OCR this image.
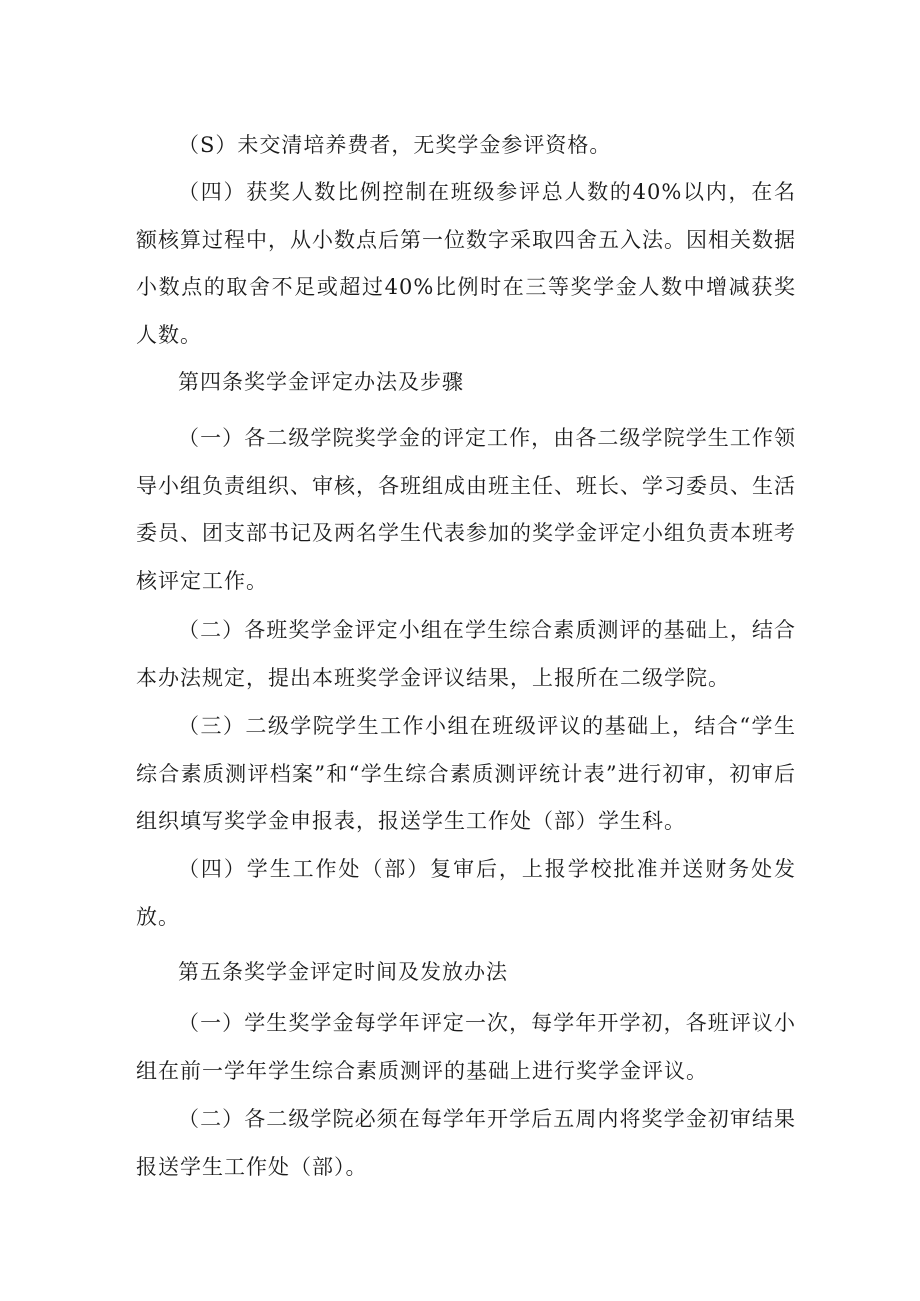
（S）未交清培养费者，无奖学金参评资格。

（四）获奖人数比例控制在班级参评总人数的40%以内，在名额核算过程中，从小数点后第一位数字采取四舍五入法。因相关数据小数点的取舍不足或超过40%比例时在三等奖学金人数中增减获奖人数。

第四条奖学金评定办法及步骤

（一）各二级学院奖学金的评定工作，由各二级学院学生工作领导小组负责组织、审核，各班组成由班主任、班长、学习委员、生活委员、团支部书记及两名学生代表参加的奖学金评定小组负责本班考核评定工作。

（二）各班奖学金评定小组在学生综合素质测评的基础上，结合本办法规定，提出本班奖学金评议结果，上报所在二级学院。

（三）二级学院学生工作小组在班级评议的基础上，结合“学生综合素质测评档案”和“学生综合素质测评统计表”进行初审，初审后组织填写奖学金申报表，报送学生工作处（部）学生科。

（四）学生工作处（部）复审后，上报学校批准并送财务处发放。

第五条奖学金评定时间及发放办法

（一）学生奖学金每学年评定一次，每学年开学初，各班评议小组在前一学年学生综合素质测评的基础上进行奖学金评议。

（二）各二级学院必须在每学年开学后五周内将奖学金初审结果报送学生工作处（部）。
